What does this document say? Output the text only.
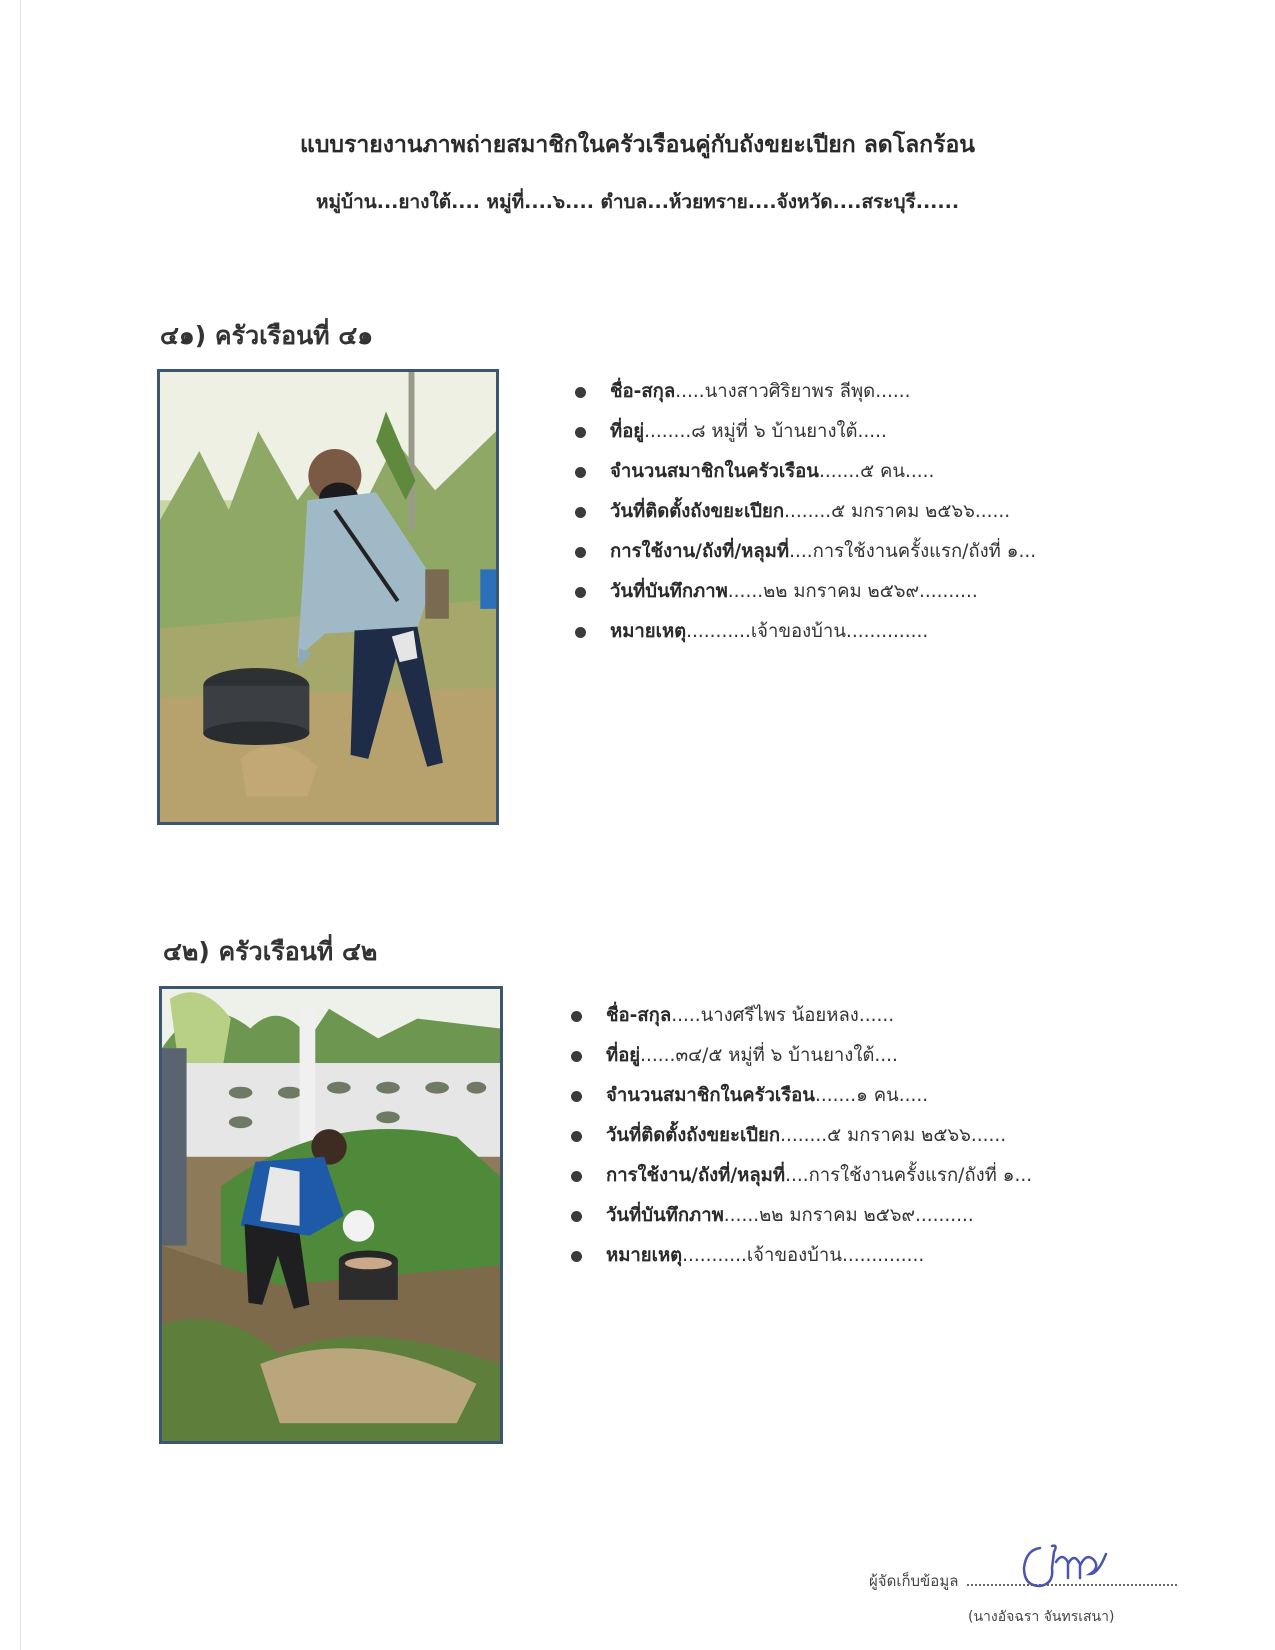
แบบรายงานภาพถ่ายสมาชิกในครัวเรือนคู่กับถังขยะเปียก ลดโลกร้อน
หมู่บ้าน...ยางใต้.... หมู่ที่....๖.... ตำบล...ห้วยทราย....จังหวัด....สระบุรี......
๔๑) ครัวเรือนที่ ๔๑
ชื่อ-สกุล.....นางสาวศิริยาพร ลีพุด......
ที่อยู่........๘ หมู่ที่ ๖ บ้านยางใต้.....
จำนวนสมาชิกในครัวเรือน.......๕ คน.....
วันที่ติดตั้งถังขยะเปียก........๕ มกราคม ๒๕๖๖......
การใช้งาน/ถังที่/หลุมที่....การใช้งานครั้งแรก/ถังที่ ๑...
วันที่บันทึกภาพ......๒๒ มกราคม ๒๕๖๙..........
หมายเหตุ...........เจ้าของบ้าน..............
๔๒) ครัวเรือนที่ ๔๒
ชื่อ-สกุล.....นางศรีไพร น้อยหลง......
ที่อยู่......๓๔/๕ หมู่ที่ ๖ บ้านยางใต้....
จำนวนสมาชิกในครัวเรือน.......๑ คน.....
วันที่ติดตั้งถังขยะเปียก........๕ มกราคม ๒๕๖๖......
การใช้งาน/ถังที่/หลุมที่....การใช้งานครั้งแรก/ถังที่ ๑...
วันที่บันทึกภาพ......๒๒ มกราคม ๒๕๖๙..........
หมายเหตุ...........เจ้าของบ้าน..............
ผู้จัดเก็บข้อมูล
(นางอัจฉรา จันทรเสนา)
